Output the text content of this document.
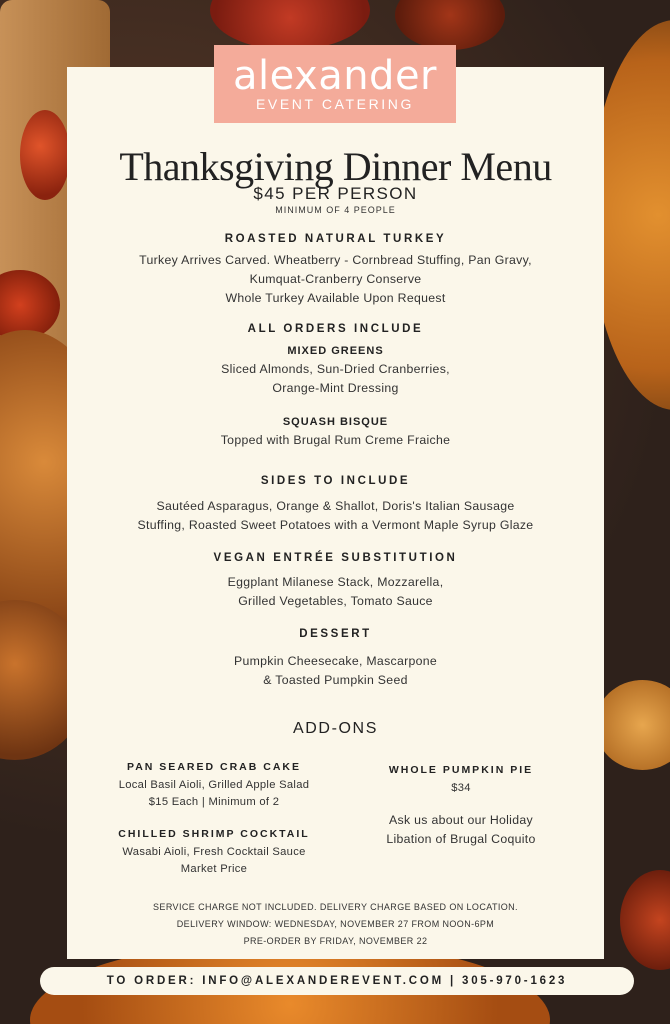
Thanksgiving Dinner Menu
$45 PER PERSON
MINIMUM OF 4 PEOPLE
ROASTED NATURAL TURKEY
Turkey Arrives Carved. Wheatberry - Cornbread Stuffing, Pan Gravy,
Kumquat-Cranberry Conserve
Whole Turkey Available Upon Request
ALL ORDERS INCLUDE
MIXED GREENS
Sliced Almonds, Sun-Dried Cranberries,
Orange-Mint Dressing
SQUASH BISQUE
Topped with Brugal Rum Creme Fraiche
SIDES TO INCLUDE
Sautéed Asparagus, Orange & Shallot, Doris's Italian Sausage
Stuffing, Roasted Sweet Potatoes with a Vermont Maple Syrup Glaze
VEGAN ENTRÉE SUBSTITUTION
Eggplant Milanese Stack, Mozzarella,
Grilled Vegetables, Tomato Sauce
DESSERT
Pumpkin Cheesecake, Mascarpone
& Toasted Pumpkin Seed
ADD-ONS
PAN SEARED CRAB CAKE
Local Basil Aioli, Grilled Apple Salad
$15 Each | Minimum of 2
CHILLED SHRIMP COCKTAIL
Wasabi Aioli, Fresh Cocktail Sauce
Market Price
WHOLE PUMPKIN PIE
$34
Ask us about our Holiday
Libation of Brugal Coquito
SERVICE CHARGE NOT INCLUDED. DELIVERY CHARGE BASED ON LOCATION.
DELIVERY WINDOW: WEDNESDAY, NOVEMBER 27 FROM NOON-6PM
PRE-ORDER BY FRIDAY, NOVEMBER 22
alexander
EVENT CATERING
TO ORDER: INFO@ALEXANDEREVENT.COM | 305-970-1623
